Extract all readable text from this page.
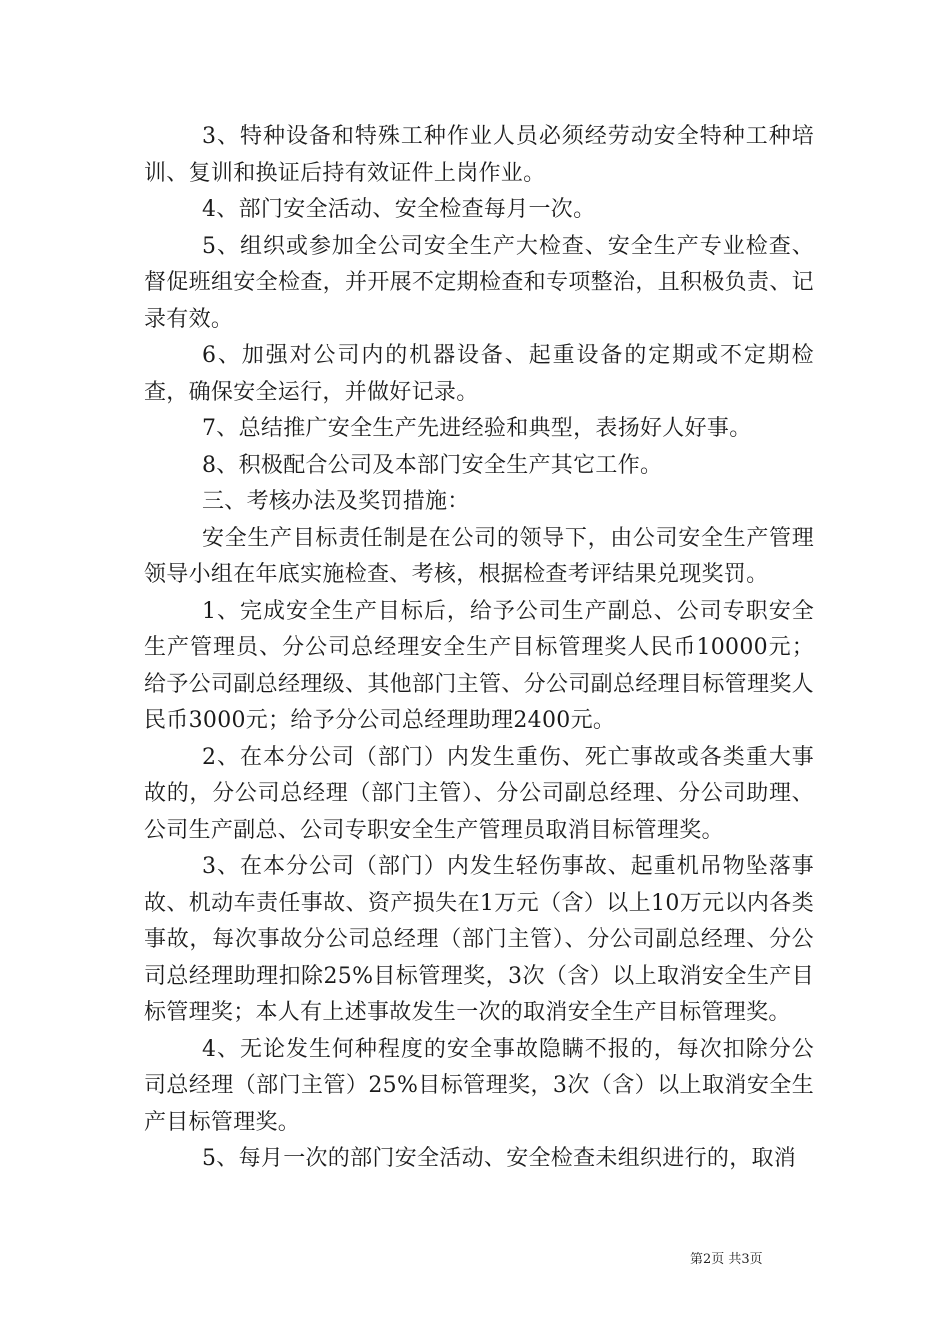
3、特种设备和特殊工种作业人员必须经劳动安全特种工种培训、复训和换证后持有效证件上岗作业。

4、部门安全活动、安全检查每月一次。

5、组织或参加全公司安全生产大检查、安全生产专业检查、督促班组安全检查，并开展不定期检查和专项整治，且积极负责、记录有效。

6、加强对公司内的机器设备、起重设备的定期或不定期检查，确保安全运行，并做好记录。

7、总结推广安全生产先进经验和典型，表扬好人好事。

8、积极配合公司及本部门安全生产其它工作。

三、考核办法及奖罚措施：

安全生产目标责任制是在公司的领导下，由公司安全生产管理领导小组在年底实施检查、考核，根据检查考评结果兑现奖罚。

1、完成安全生产目标后，给予公司生产副总、公司专职安全生产管理员、分公司总经理安全生产目标管理奖人民币10000元；给予公司副总经理级、其他部门主管、分公司副总经理目标管理奖人民币3000元；给予分公司总经理助理2400元。

2、在本分公司（部门）内发生重伤、死亡事故或各类重大事故的，分公司总经理（部门主管）、分公司副总经理、分公司助理、公司生产副总、公司专职安全生产管理员取消目标管理奖。

3、在本分公司（部门）内发生轻伤事故、起重机吊物坠落事故、机动车责任事故、资产损失在1万元（含）以上10万元以内各类事故，每次事故分公司总经理（部门主管）、分公司副总经理、分公司总经理助理扣除25%目标管理奖，3次（含）以上取消安全生产目标管理奖；本人有上述事故发生一次的取消安全生产目标管理奖。

4、无论发生何种程度的安全事故隐瞒不报的，每次扣除分公司总经理（部门主管）25%目标管理奖，3次（含）以上取消安全生产目标管理奖。

5、每月一次的部门安全活动、安全检查未组织进行的，取消

第2页 共3页
